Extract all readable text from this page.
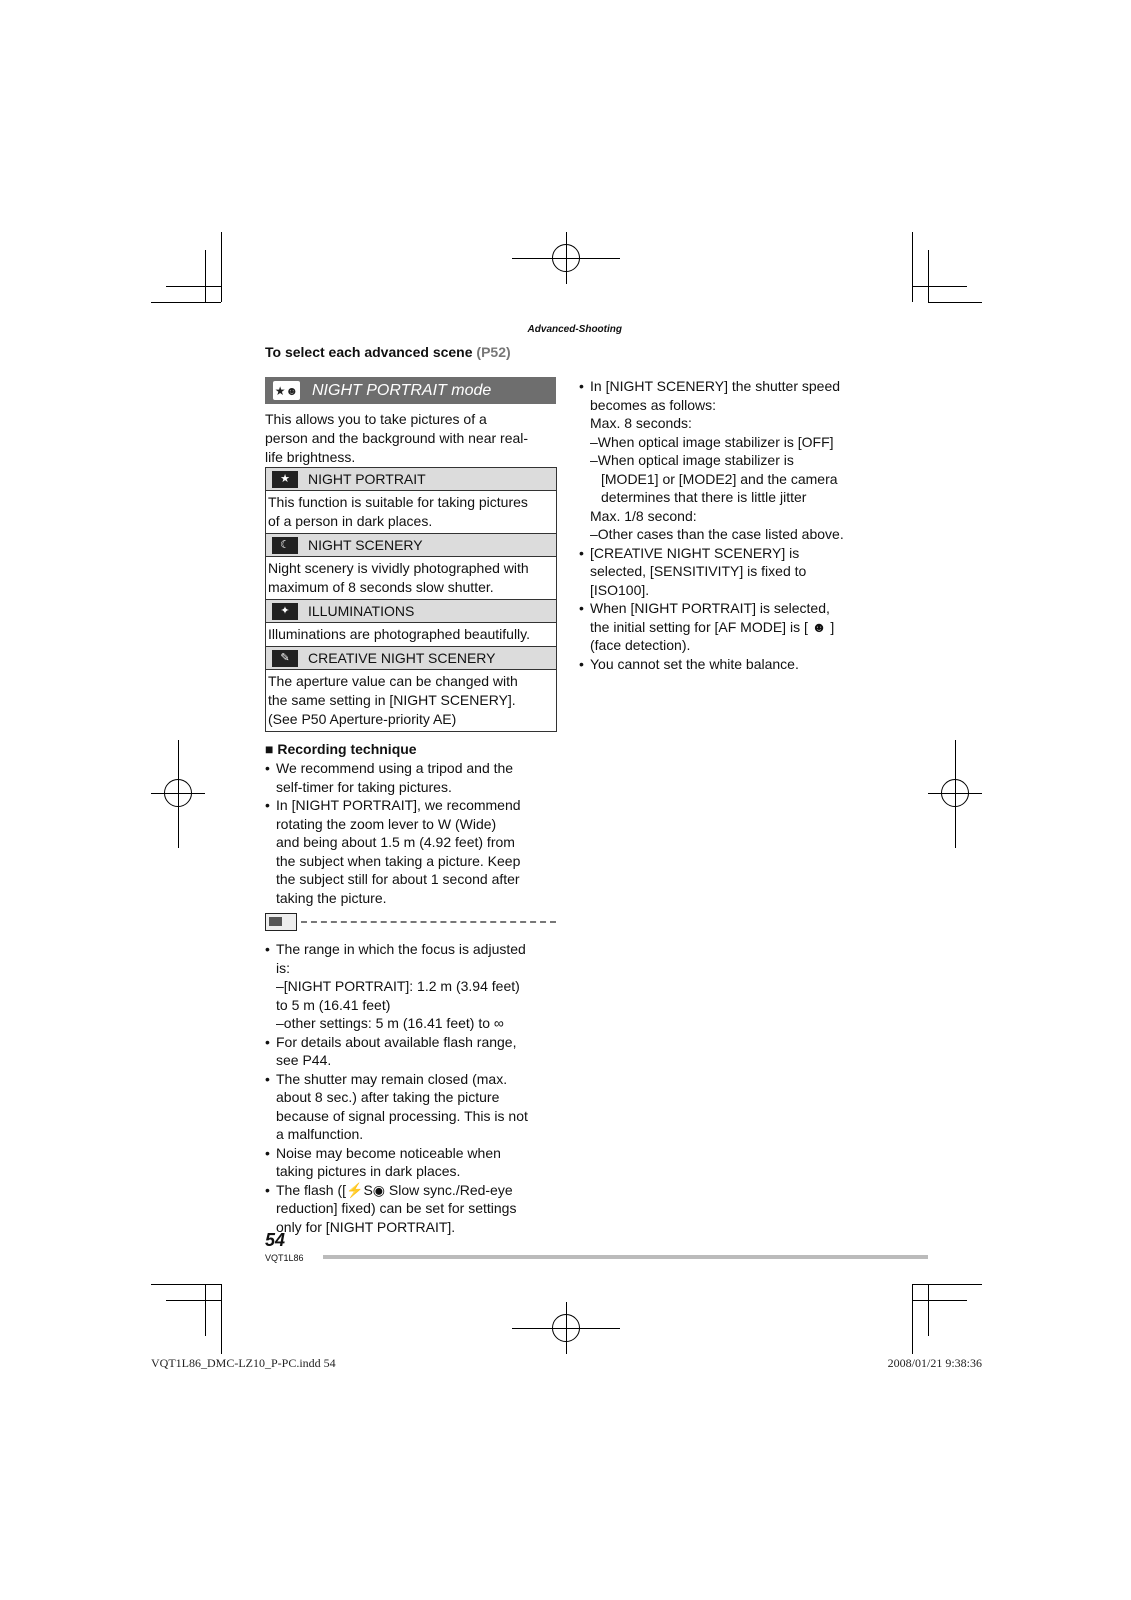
Advanced-Shooting
To select each advanced scene (P52)
★☻ NIGHT PORTRAIT mode
This allows you to take pictures of a
person and the background with near real-
life brightness.
★	NIGHT PORTRAIT
This function is suitable for taking pictures
of a person in dark places.
☾	NIGHT SCENERY
Night scenery is vividly photographed with
maximum of 8 seconds slow shutter.
✦	ILLUMINATIONS
Illuminations are photographed beautifully.
✎	CREATIVE NIGHT SCENERY
The aperture value can be changed with
the same setting in [NIGHT SCENERY].
(See P50 Aperture-priority AE)
■ Recording technique
• We recommend using a tripod and the
self-timer for taking pictures.
• In [NIGHT PORTRAIT], we recommend
rotating the zoom lever to W (Wide)
and being about 1.5 m (4.92 feet) from
the subject when taking a picture. Keep
the subject still for about 1 second after
taking the picture.
• The range in which the focus is adjusted
is:
–[NIGHT PORTRAIT]: 1.2 m (3.94 feet)
to 5 m (16.41 feet)
–other settings: 5 m (16.41 feet) to ∞
• For details about available flash range,
see P44.
• The shutter may remain closed (max.
about 8 sec.) after taking the picture
because of signal processing. This is not
a malfunction.
• Noise may become noticeable when
taking pictures in dark places.
• The flash ([⚡S◉ Slow sync./Red-eye
reduction] fixed) can be set for settings
only for [NIGHT PORTRAIT].
• In [NIGHT SCENERY] the shutter speed
becomes as follows:
Max. 8 seconds:
–When optical image stabilizer is [OFF]
–When optical image stabilizer is
[MODE1] or [MODE2] and the camera
determines that there is little jitter
Max. 1/8 second:
–Other cases than the case listed above.
• [CREATIVE NIGHT SCENERY] is
selected, [SENSITIVITY] is fixed to
[ISO100].
• When [NIGHT PORTRAIT] is selected,
the initial setting for [AF MODE] is [ ☻ ]
(face detection).
• You cannot set the white balance.
54
VQT1L86
VQT1L86_DMC-LZ10_P-PC.indd 54	2008/01/21 9:38:36
